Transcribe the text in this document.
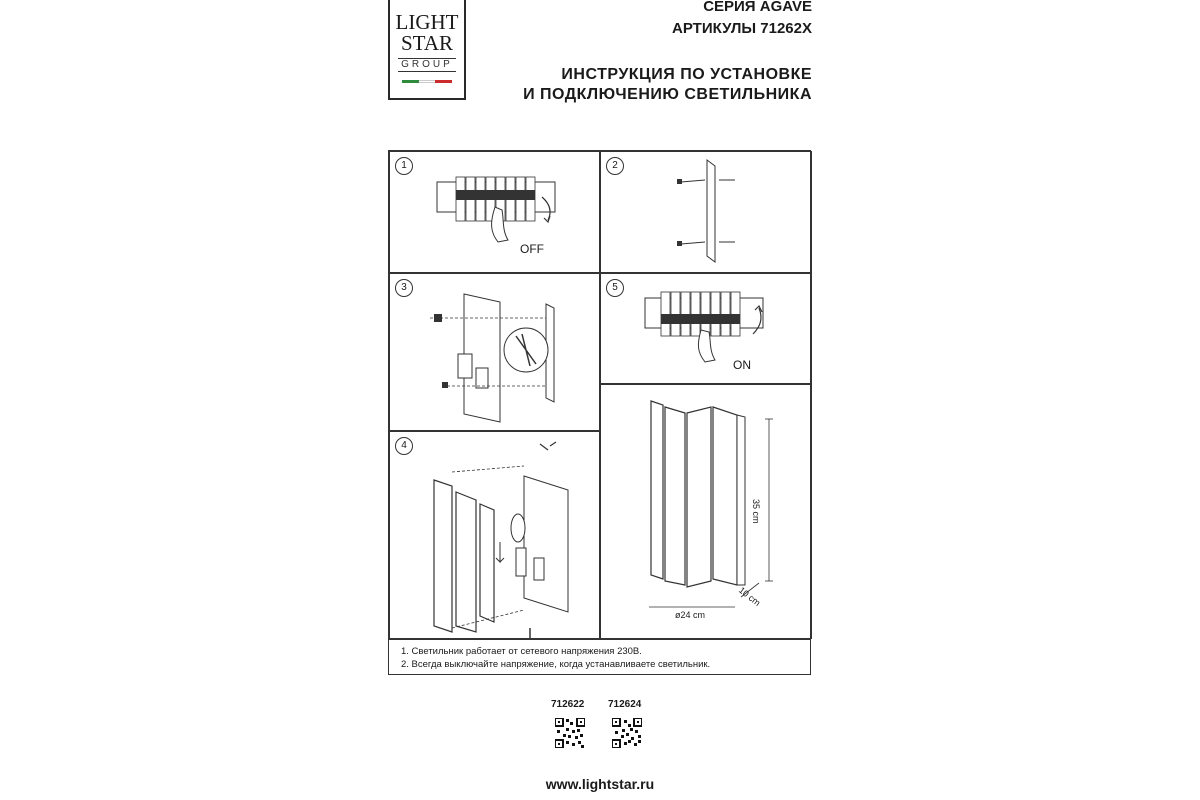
LIGHT
STAR
GROUP
СЕРИЯ AGAVE
АРТИКУЛЫ 71262X
ИНСТРУКЦИЯ ПО УСТАНОВКЕ
И ПОДКЛЮЧЕНИЮ СВЕТИЛЬНИКА
1
OFF
2
3	5
ON
4
35 cm
ø24 cm
10 cm
1. Светильник работает от сетевого напряжения 230В.
2. Всегда выключайте напряжение, когда устанавливаете светильник.
712622 712624
www.lightstar.ru
